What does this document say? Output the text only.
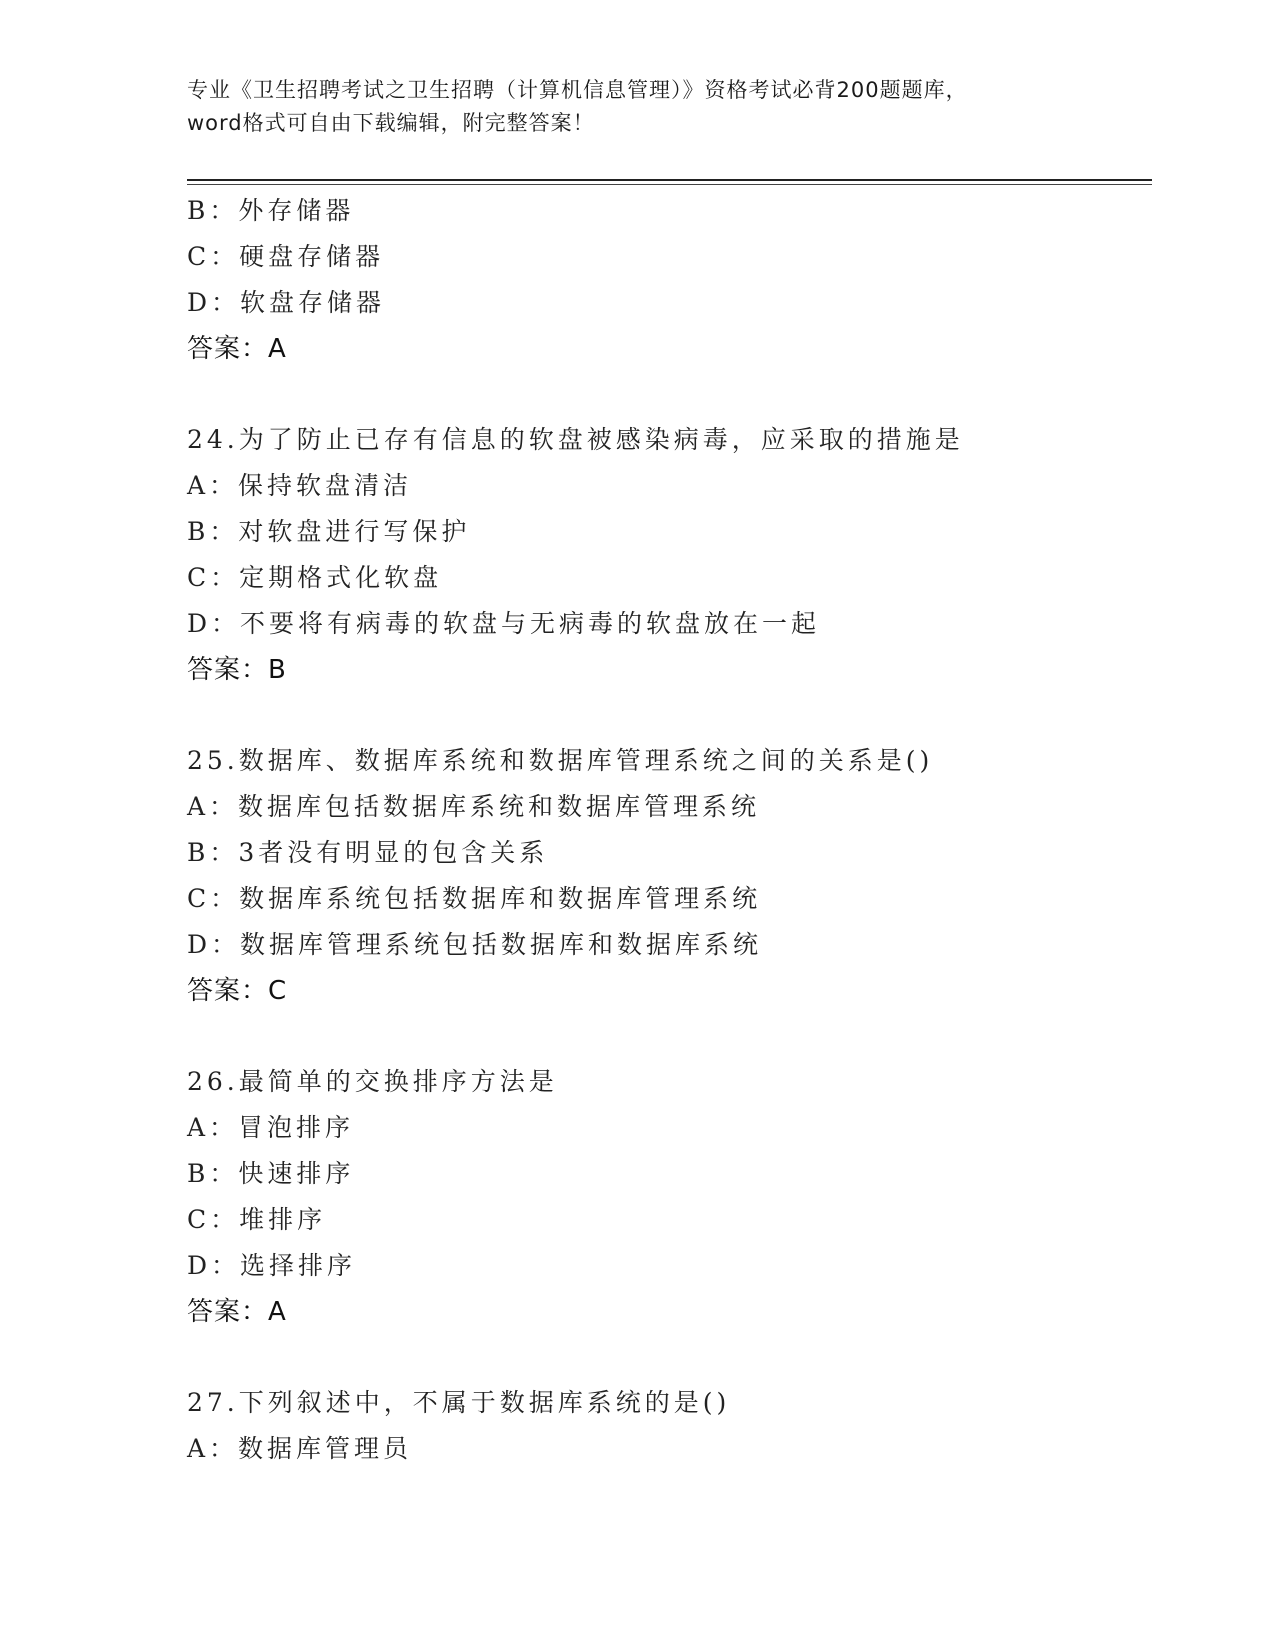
专业《卫生招聘考试之卫生招聘（计算机信息管理）》资格考试必背200题题库，
word格式可自由下载编辑，附完整答案！
B：外存储器
C：硬盘存储器
D：软盘存储器
答案：A
24.为了防止已存有信息的软盘被感染病毒，应采取的措施是
A：保持软盘清洁
B：对软盘进行写保护
C：定期格式化软盘
D：不要将有病毒的软盘与无病毒的软盘放在一起
答案：B
25.数据库、数据库系统和数据库管理系统之间的关系是()
A：数据库包括数据库系统和数据库管理系统
B：3者没有明显的包含关系
C：数据库系统包括数据库和数据库管理系统
D：数据库管理系统包括数据库和数据库系统
答案：C
26.最简单的交换排序方法是
A：冒泡排序
B：快速排序
C：堆排序
D：选择排序
答案：A
27.下列叙述中，不属于数据库系统的是()
A：数据库管理员
